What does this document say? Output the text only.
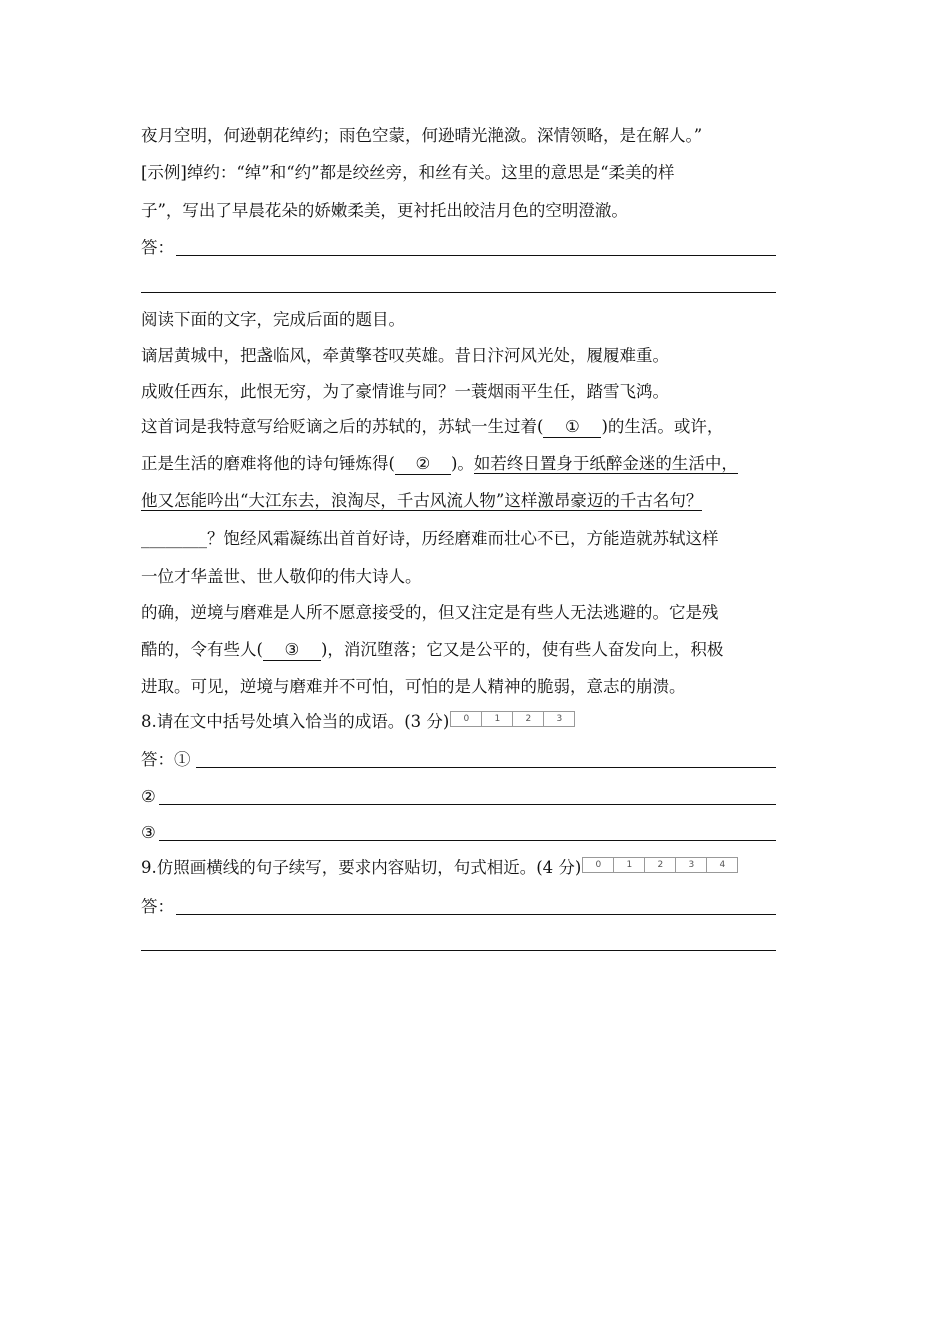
夜月空明，何逊朝花绰约；雨色空蒙，何逊晴光滟潋。深情领略，是在解人。”
[示例]绰约：“绰”和“约”都是绞丝旁，和丝有关。这里的意思是“柔美的样
子”，写出了早晨花朵的娇嫩柔美，更衬托出皎洁月色的空明澄澈。
答：
阅读下面的文字，完成后面的题目。
谪居黄城中，把盏临风，牵黄擎苍叹英雄。昔日汴河风光处，履履难重。
成败任西东，此恨无穷，为了豪情谁与同？一蓑烟雨平生任，踏雪飞鸿。
这首词是我特意写给贬谪之后的苏轼的，苏轼一生过着( ① )的生活。或许，
正是生活的磨难将他的诗句锤炼得( ② )。如若终日置身于纸醉金迷的生活中，
他又怎能吟出“大江东去，浪淘尽，千古风流人物”这样激昂豪迈的千古名句？
________？饱经风霜凝练出首首好诗，历经磨难而壮心不已，方能造就苏轼这样
一位才华盖世、世人敬仰的伟大诗人。
的确，逆境与磨难是人所不愿意接受的，但又注定是有些人无法逃避的。它是残
酷的，令有些人( ③ )，消沉堕落；它又是公平的，使有些人奋发向上，积极
进取。可见，逆境与磨难并不可怕，可怕的是人精神的脆弱，意志的崩溃。
8.请在文中括号处填入恰当的成语。(3 分)	0	1	2	3
答：①
②
③
9.仿照画横线的句子续写，要求内容贴切，句式相近。(4 分)	0	1	2	3	4
答：
